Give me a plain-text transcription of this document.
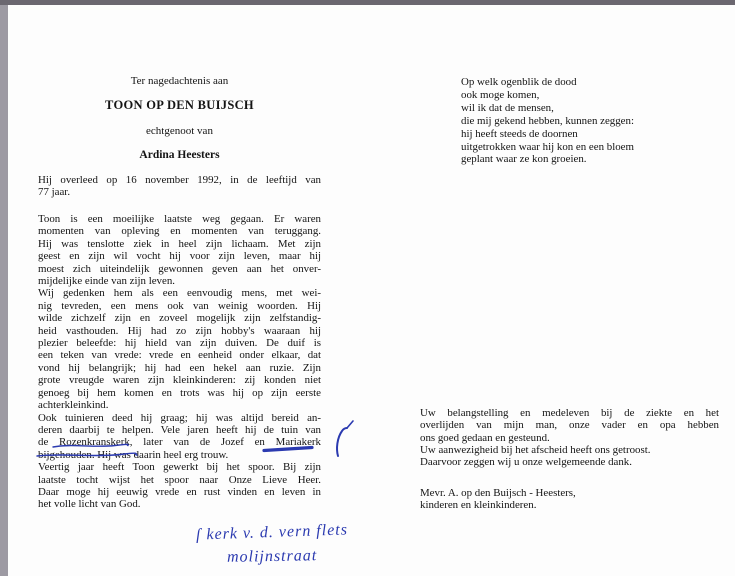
Ter nagedachtenis aan
TOON OP DEN BUIJSCH
echtgenoot van
Ardina Heesters
Hij overleed op 16 november 1992, in de leeftijd van
77 jaar.
Toon is een moeilijke laatste weg gegaan. Er waren
momenten van opleving en momenten van teruggang.
Hij was tenslotte ziek in heel zijn lichaam. Met zijn
geest en zijn wil vocht hij voor zijn leven, maar hij
moest zich uiteindelijk gewonnen geven aan het onver-
mijdelijke einde van zijn leven.
Wij gedenken hem als een eenvoudig mens, met wei-
nig tevreden, een mens ook van weinig woorden. Hij
wilde zichzelf zijn en zoveel mogelijk zijn zelfstandig-
heid vasthouden. Hij had zo zijn hobby's waaraan hij
plezier beleefde: hij hield van zijn duiven. De duif is
een teken van vrede: vrede en eenheid onder elkaar, dat
vond hij belangrijk; hij had een hekel aan ruzie. Zijn
grote vreugde waren zijn kleinkinderen: zij konden niet
genoeg bij hem komen en trots was hij op zijn eerste
achterkleinkind.
Ook tuinieren deed hij graag; hij was altijd bereid an-
deren daarbij te helpen. Vele jaren heeft hij de tuin van
de Rozenkranskerk, later van de Jozef en Mariakerk
bijgehouden. Hij was daarin heel erg trouw.
Veertig jaar heeft Toon gewerkt bij het spoor. Bij zijn
laatste tocht wijst het spoor naar Onze Lieve Heer.
Daar moge hij eeuwig vrede en rust vinden en leven in
het volle licht van God.
Op welk ogenblik de dood
ook moge komen,
wil ik dat de mensen,
die mij gekend hebben, kunnen zeggen:
hij heeft steeds de doornen
uitgetrokken waar hij kon en een bloem
geplant waar ze kon groeien.
Uw belangstelling en medeleven bij de ziekte en het
overlijden van mijn man, onze vader en opa hebben
ons goed gedaan en gesteund.
Uw aanwezigheid bij het afscheid heeft ons getroost.
Daarvoor zeggen wij u onze welgemeende dank.
Mevr. A. op den Buijsch - Heesters,
kinderen en kleinkinderen.
ſ kerk v. d. vern flets
molijnstraat
